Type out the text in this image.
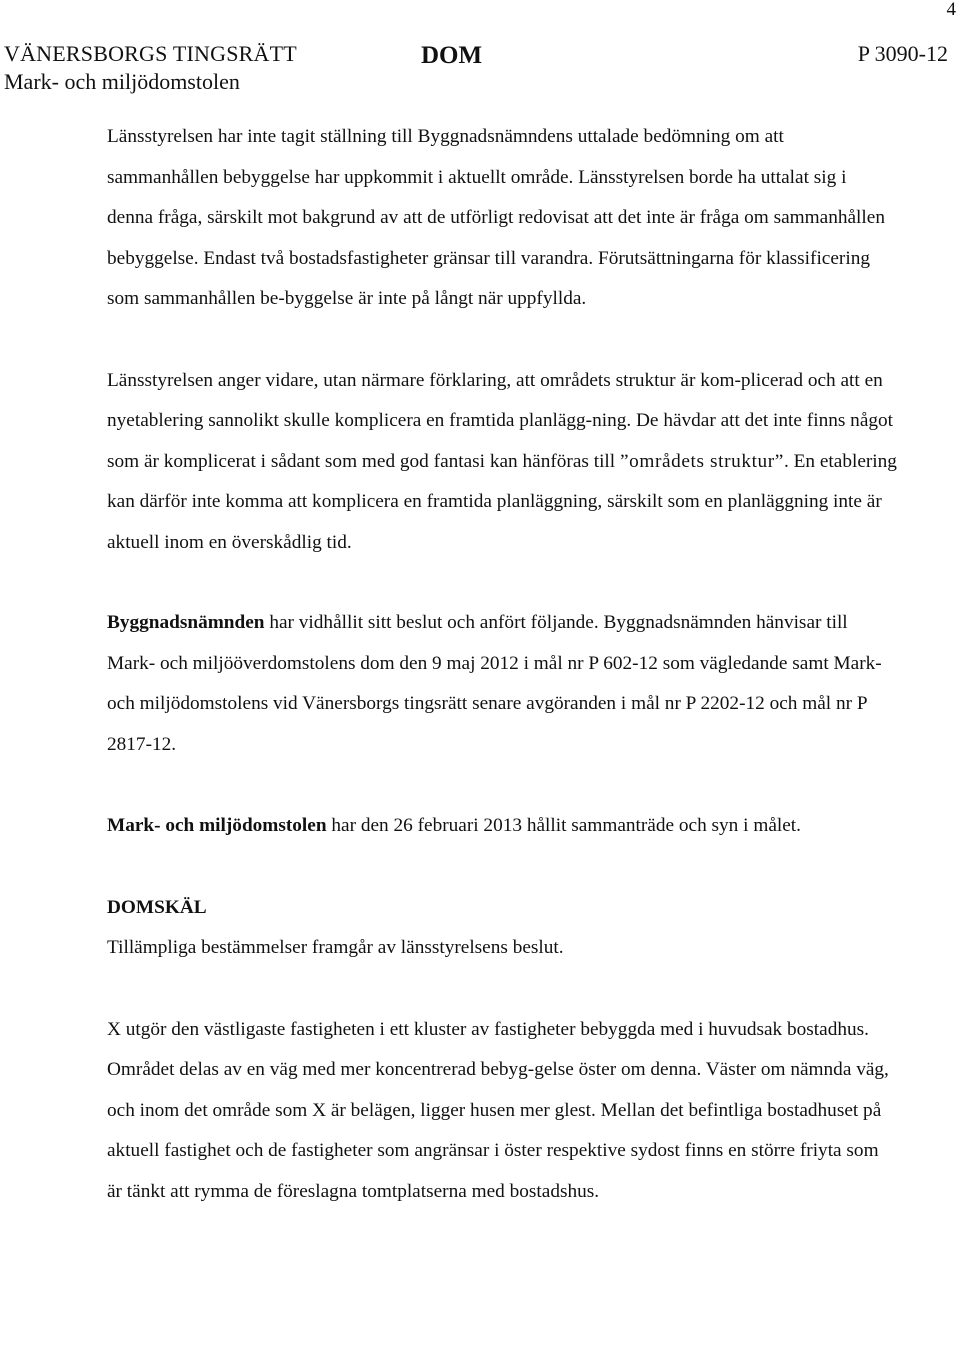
4
VÄNERSBORGS TINGSRÄTT
Mark- och miljödomstolen
DOM	P 3090-12

Länsstyrelsen har inte tagit ställning till Byggnadsnämndens uttalade bedömning om att sammanhållen bebyggelse har uppkommit i aktuellt område. Länsstyrelsen borde ha uttalat sig i denna fråga, särskilt mot bakgrund av att de utförligt redovisat att det inte är fråga om sammanhållen bebyggelse. Endast två bostadsfastigheter gränsar till varandra. Förutsättningarna för klassificering som sammanhållen be-byggelse är inte på långt när uppfyllda.

Länsstyrelsen anger vidare, utan närmare förklaring, att områdets struktur är kom-plicerad och att en nyetablering sannolikt skulle komplicera en framtida planlägg-ning. De hävdar att det inte finns något som är komplicerat i sådant som med god fantasi kan hänföras till ”områdets struktur”. En etablering kan därför inte komma att komplicera en framtida planläggning, särskilt som en planläggning inte är aktuell inom en överskådlig tid.

Byggnadsnämnden har vidhållit sitt beslut och anfört följande. Byggnadsnämnden hänvisar till Mark- och miljööverdomstolens dom den 9 maj 2012 i mål nr P 602-12 som vägledande samt Mark- och miljödomstolens vid Vänersborgs tingsrätt senare avgöranden i mål nr P 2202-12 och mål nr P 2817-12.

Mark- och miljödomstolen har den 26 februari 2013 hållit sammanträde och syn i målet.

DOMSKÄL

Tillämpliga bestämmelser framgår av länsstyrelsens beslut.

X utgör den västligaste fastigheten i ett kluster av fastigheter bebyggda med i huvudsak bostadhus. Området delas av en väg med mer koncentrerad bebyg-gelse öster om denna. Väster om nämnda väg, och inom det område som X är belägen, ligger husen mer glest. Mellan det befintliga bostadhuset på aktuell fastighet och de fastigheter som angränsar i öster respektive sydost finns en större friyta som är tänkt att rymma de föreslagna tomtplatserna med bostadshus.
